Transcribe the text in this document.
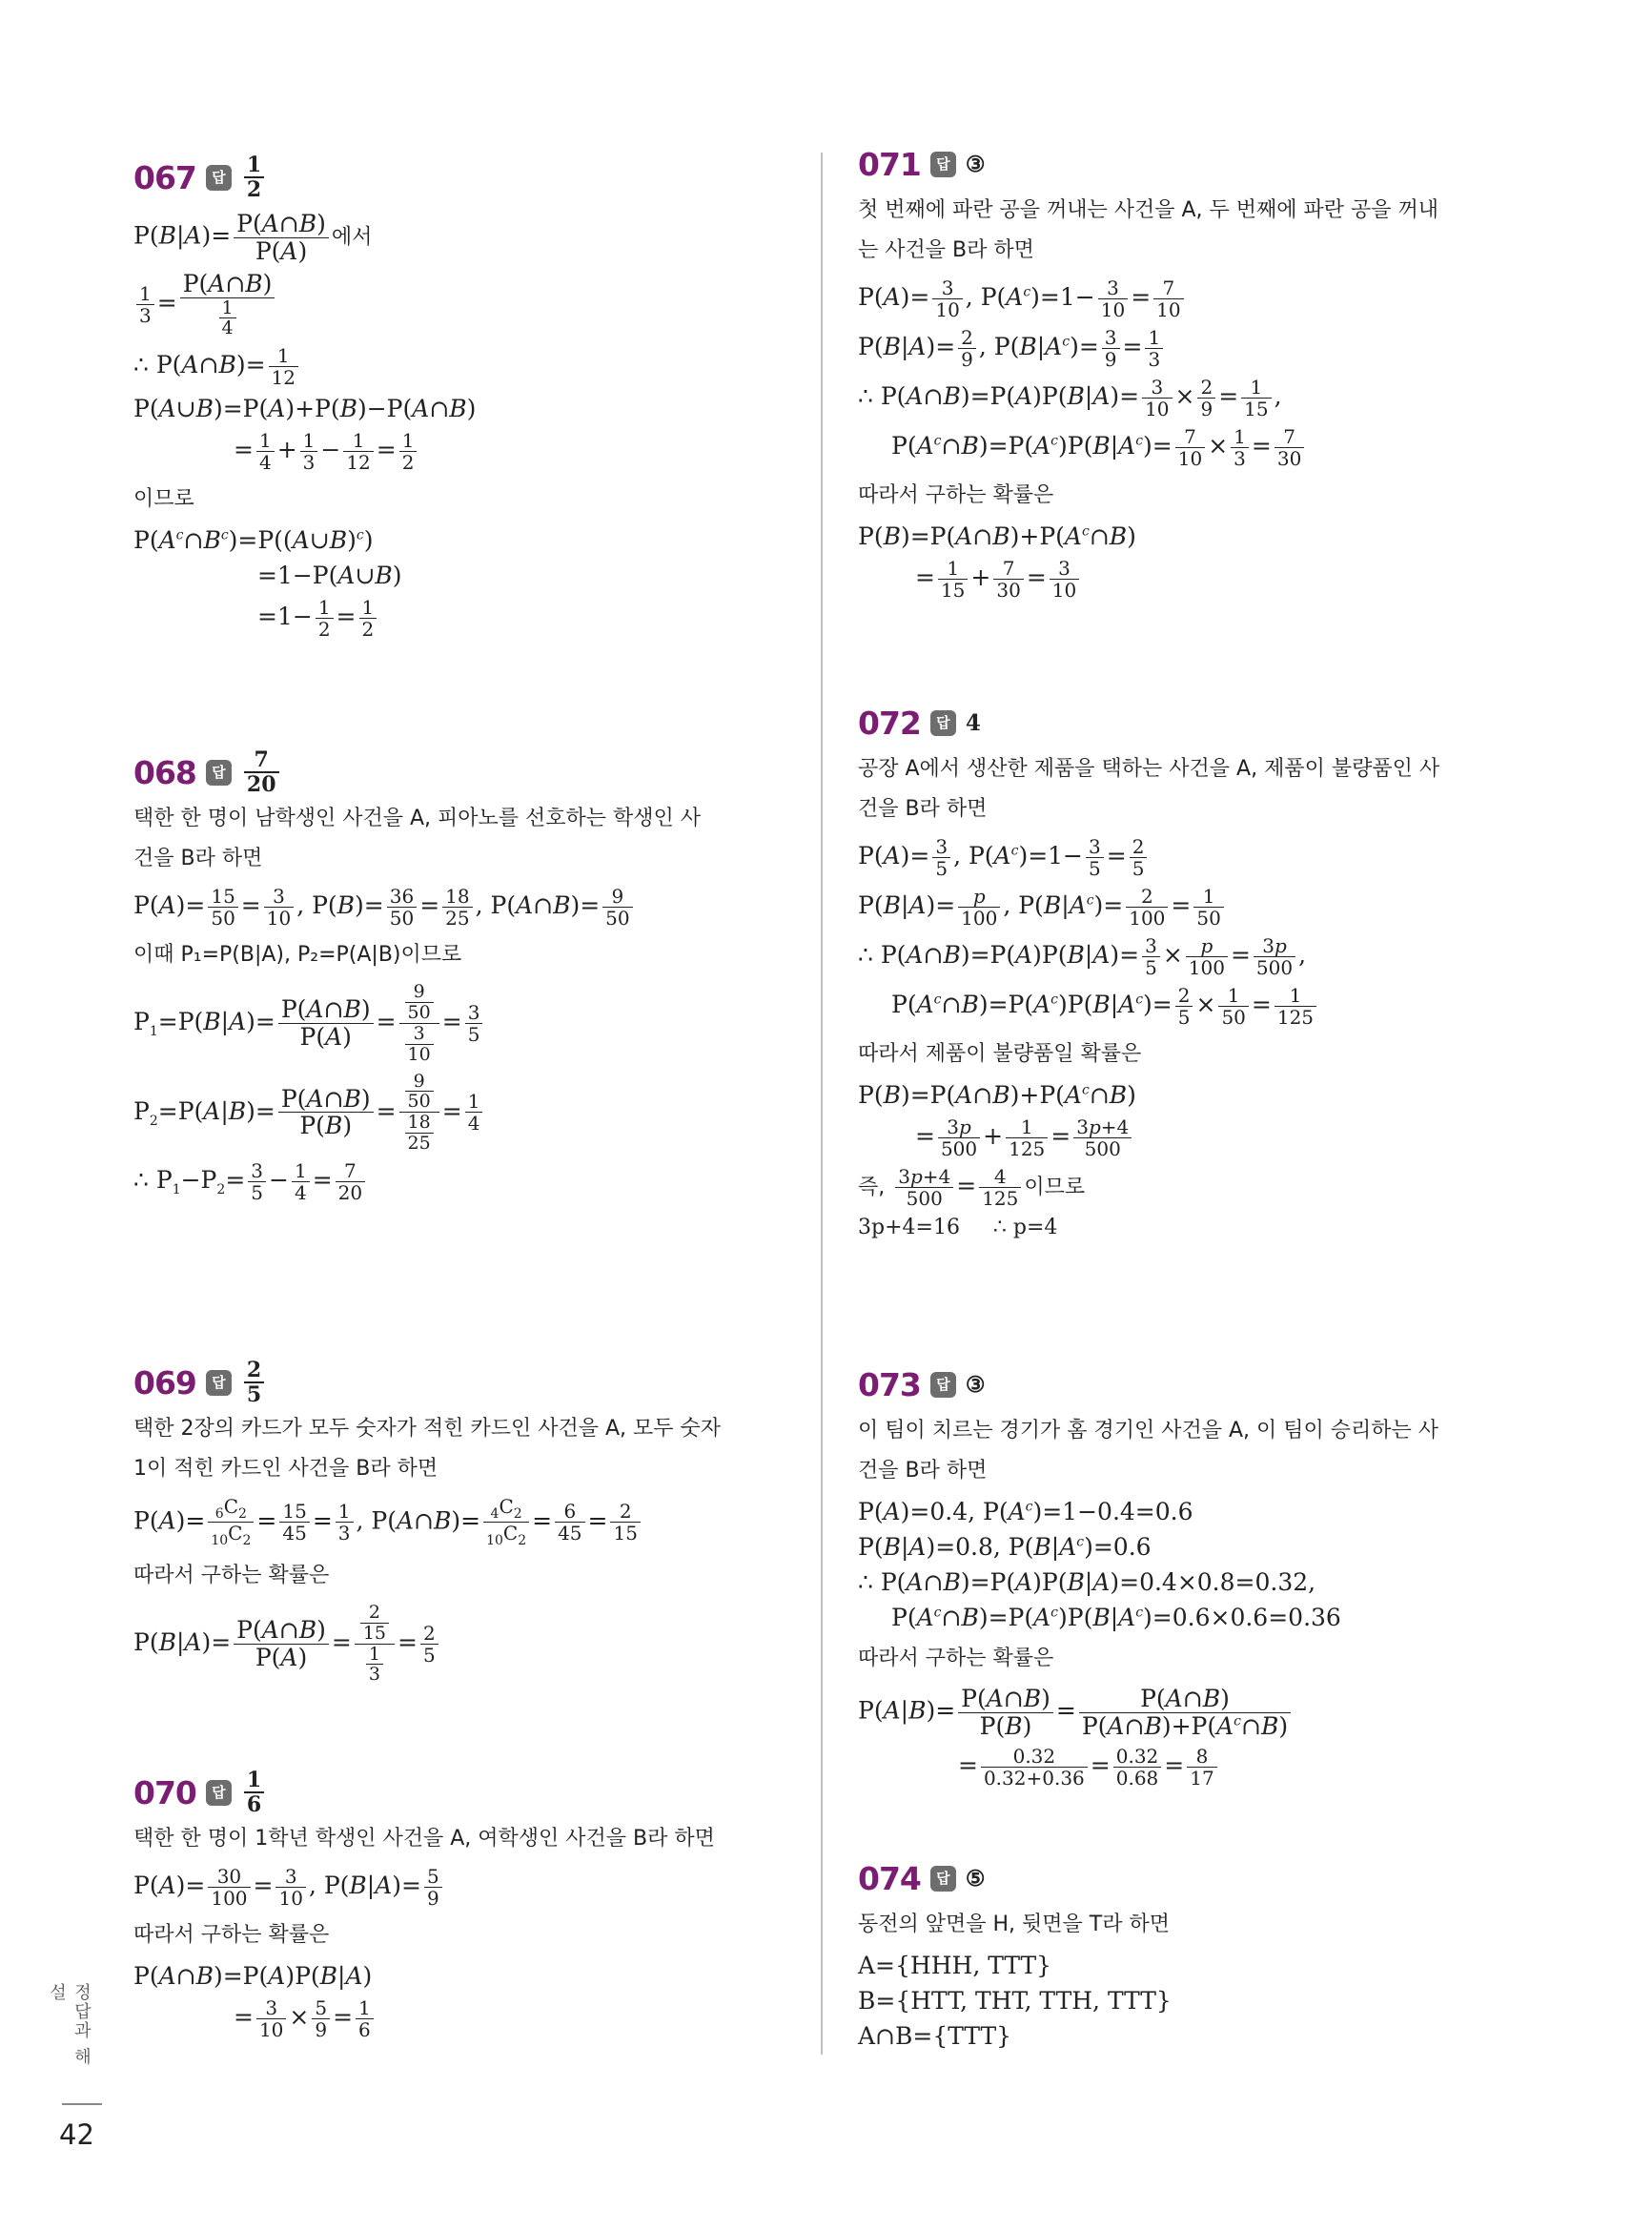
067	답 $\frac{1}{2}$
$P(B|A)= \frac{P(A\cap B)}{P(A)}$ 에서
$\frac{1}{3} = \frac{P(A\cap B)}{\frac{1}{4}}$
∴ P(A∩B)= $\frac{1}{12}$
P(A∪B)=P(A)+P(B)−P(A∩B)
= $\frac{1}{4} + \frac{1}{3} - \frac{1}{12} = \frac{1}{2}$
이므로
$P(A^c\cap B^c)=P((A\cup B)^c)$
=1−P(A∪B)
$=1- \frac{1}{2} = \frac{1}{2}$
068	답 $\frac{7}{20}$
택한 한 명이 남학생인 사건을 A, 피아노를 선호하는 학생인 사
건을 B라 하면
$P(A)= \frac{15}{50} = \frac{3}{10}$ , $P(B)= \frac{36}{50} = \frac{18}{25}$ , P(A∩B)= $\frac{9}{50}$
이때 P₁=P(B|A), P₂=P(A|B)이므로
$P_1=P(B|A)= \frac{P(A\cap B)}{P(A)} = \frac{\frac{9}{50}}{\frac{3}{10}} = \frac{3}{5}$
$P_2=P(A|B)= \frac{P(A\cap B)}{P(B)} = \frac{\frac{9}{50}}{\frac{18}{25}} = \frac{1}{4}$
∴ $P_1-P_2= \frac{3}{5} - \frac{1}{4} = \frac{7}{20}$
069	답 $\frac{2}{5}$
택한 2장의 카드가 모두 숫자가 적힌 카드인 사건을 A, 모두 숫자
1이 적힌 카드인 사건을 B라 하면
$P(A)= \frac{_6C_2}{_{10}C_2} = \frac{15}{45} = \frac{1}{3}$ , P(A∩B)= $\frac{_4C_2}{_{10}C_2} = \frac{6}{45} = \frac{2}{15}$
따라서 구하는 확률은
$P(B|A)= \frac{P(A\cap B)}{P(A)} = \frac{\frac{2}{15}}{\frac{1}{3}} = \frac{2}{5}$
070	답 $\frac{1}{6}$
택한 한 명이 1학년 학생인 사건을 A, 여학생인 사건을 B라 하면
$P(A)= \frac{30}{100} = \frac{3}{10}$ , $P(B|A)= \frac{5}{9}$
따라서 구하는 확률은
P(A∩B)=P(A)P(B|A)
= $\frac{3}{10} \times \frac{5}{9} = \frac{1}{6}$
071	답 ③
첫 번째에 파란 공을 꺼내는 사건을 A, 두 번째에 파란 공을 꺼내
는 사건을 B라 하면
$P(A)= \frac{3}{10}$ , $P(A^c)=1- \frac{3}{10} = \frac{7}{10}$
$P(B|A)= \frac{2}{9}$ , $P(B|A^c)= \frac{3}{9} = \frac{1}{3}$
∴ P(A∩B)=P(A)P(B|A)= $\frac{3}{10} \times \frac{2}{9} = \frac{1}{15}$ ,
$P(A^c\cap B)=P(A^c)P(B|A^c)= \frac{7}{10} \times \frac{1}{3} = \frac{7}{30}$
따라서 구하는 확률은
$P(B)=P(A\cap B)+P(A^c\cap B)$
= $\frac{1}{15} + \frac{7}{30} = \frac{3}{10}$
072	답 4
공장 A에서 생산한 제품을 택하는 사건을 A, 제품이 불량품인 사
건을 B라 하면
$P(A)= \frac{3}{5}$ , $P(A^c)=1- \frac{3}{5} = \frac{2}{5}$
$P(B|A)= \frac{p}{100}$ , $P(B|A^c)= \frac{2}{100} = \frac{1}{50}$
∴ P(A∩B)=P(A)P(B|A)= $\frac{3}{5} \times \frac{p}{100} = \frac{3p}{500}$ ,
$P(A^c\cap B)=P(A^c)P(B|A^c)= \frac{2}{5} \times \frac{1}{50} = \frac{1}{125}$
따라서 제품이 불량품일 확률은
$P(B)=P(A\cap B)+P(A^c\cap B)$
= $\frac{3p}{500} + \frac{1}{125} = \frac{3p+4}{500}$
즉, $\frac{3p+4}{500} = \frac{4}{125}$ 이므로
3p+4=16     ∴ p=4
073	답 ③
이 팀이 치르는 경기가 홈 경기인 사건을 A, 이 팀이 승리하는 사
건을 B라 하면
P(A)=0.4, $P(A^c)=1-0.4=0.6$
P(B|A)=0.8, $P(B|A^c)=0.6$
∴ P(A∩B)=P(A)P(B|A)=0.4×0.8=0.32,
$P(A^c\cap B)=P(A^c)P(B|A^c)=0.6\times 0.6=0.36$
따라서 구하는 확률은
$P(A|B)= \frac{P(A\cap B)}{P(B)} = \frac{P(A\cap B)}{P(A\cap B)+P(A^c\cap B)}$
= $\frac{0.32}{0.32+0.36} = \frac{0.32}{0.68} = \frac{8}{17}$
074	답 ⑤
동전의 앞면을 H, 뒷면을 T라 하면
A={HHH, TTT}
B={HTT, THT, TTH, TTT}
A∩B={TTT}
정답과 해설
42
